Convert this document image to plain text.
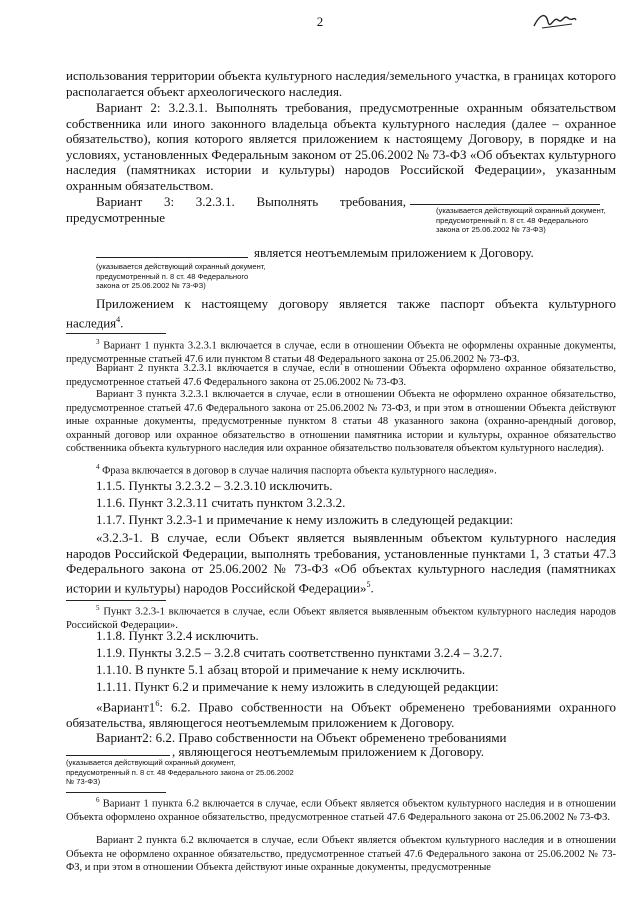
2

использования территории объекта культурного наследия/земельного участка, в границах которого располагается объект археологического наследия.

Вариант 2: 3.2.3.1. Выполнять требования, предусмотренные охранным обязательством собственника или иного законного владельца объекта культурного наследия (далее – охранное обязательство), копия которого является приложением к настоящему Договору, в порядке и на условиях, установленных Федеральным законом от 25.06.2002 № 73-ФЗ «Об объектах культурного наследия (памятниках истории и культуры) народов Российской Федерации», указанным охранным обязательством.

Вариант 3: 3.2.3.1. Выполнять требования, предусмотренные	(указывается действующий охранный документ, предусмотренный п. 8 ст. 48 Федерального закона от 25.06.2002 № 73-ФЗ)

является неотъемлемым приложением к Договору.

(указывается действующий охранный документ, предусмотренный п. 8 ст. 48 Федерального закона от 25.06.2002 № 73-ФЗ)

Приложением к настоящему договору является также паспорт объекта культурного наследия$^4$.

$^3$ Вариант 1 пункта 3.2.3.1 включается в случае, если в отношении Объекта не оформлены охранные документы, предусмотренные статьей 47.6 или пунктом 8 статьи 48 Федерального закона от 25.06.2002 № 73-ФЗ.

Вариант 2 пункта 3.2.3.1 включается в случае, если в отношении Объекта оформлено охранное обязательство, предусмотренное статьей 47.6 Федерального закона от 25.06.2002 № 73-ФЗ.

Вариант 3 пункта 3.2.3.1 включается в случае, если в отношении Объекта не оформлено охранное обязательство, предусмотренное статьей 47.6 Федерального закона от 25.06.2002 № 73-ФЗ, и при этом в отношении Объекта действуют иные охранные документы, предусмотренные пунктом 8 статьи 48 указанного закона (охранно-арендный договор, охранный договор или охранное обязательство в отношении памятника истории и культуры, охранное обязательство собственника объекта культурного наследия или охранное обязательство пользователя объектом культурного наследия).

$^4$ Фраза включается в договор в случае наличия паспорта объекта культурного наследия».

1.1.5. Пункты 3.2.3.2 – 3.2.3.10 исключить.

1.1.6. Пункт 3.2.3.11 считать пунктом 3.2.3.2.

1.1.7. Пункт 3.2.3-1 и примечание к нему изложить в следующей редакции:

«3.2.3-1. В случае, если Объект является выявленным объектом культурного наследия народов Российской Федерации, выполнять требования, установленные пунктами 1, 3 статьи 47.3 Федерального закона от 25.06.2002 № 73-ФЗ «Об объектах культурного наследия (памятниках истории и культуры) народов Российской Федерации»$^5$.

$^5$ Пункт 3.2.3-1 включается в случае, если Объект является выявленным объектом культурного наследия народов Российской Федерации».

1.1.8. Пункт 3.2.4 исключить.

1.1.9. Пункты 3.2.5 – 3.2.8 считать соответственно пунктами 3.2.4 – 3.2.7.

1.1.10. В пункте 5.1 абзац второй и примечание к нему исключить.

1.1.11. Пункт 6.2 и примечание к нему изложить в следующей редакции:

«$Вариант1^6$: 6.2. Право собственности на Объект обременено требованиями охранного обязательства, являющегося неотъемлемым приложением к Договору.

Вариант2: 6.2. Право собственности на Объект обременено требованиями

, являющегося неотъемлемым приложением к Договору.

(указывается действующий охранный документ, предусмотренный п. 8 ст. 48 Федерального закона от 25.06.2002 № 73-ФЗ)

$^6$ Вариант 1 пункта 6.2 включается в случае, если Объект является объектом культурного наследия и в отношении Объекта оформлено охранное обязательство, предусмотренное статьей 47.6 Федерального закона от 25.06.2002 № 73-ФЗ.

Вариант 2 пункта 6.2 включается в случае, если Объект является объектом культурного наследия и в отношении Объекта не оформлено охранное обязательство, предусмотренное статьей 47.6 Федерального закона от 25.06.2002 № 73-ФЗ, и при этом в отношении Объекта действуют иные охранные документы, предусмотренные
